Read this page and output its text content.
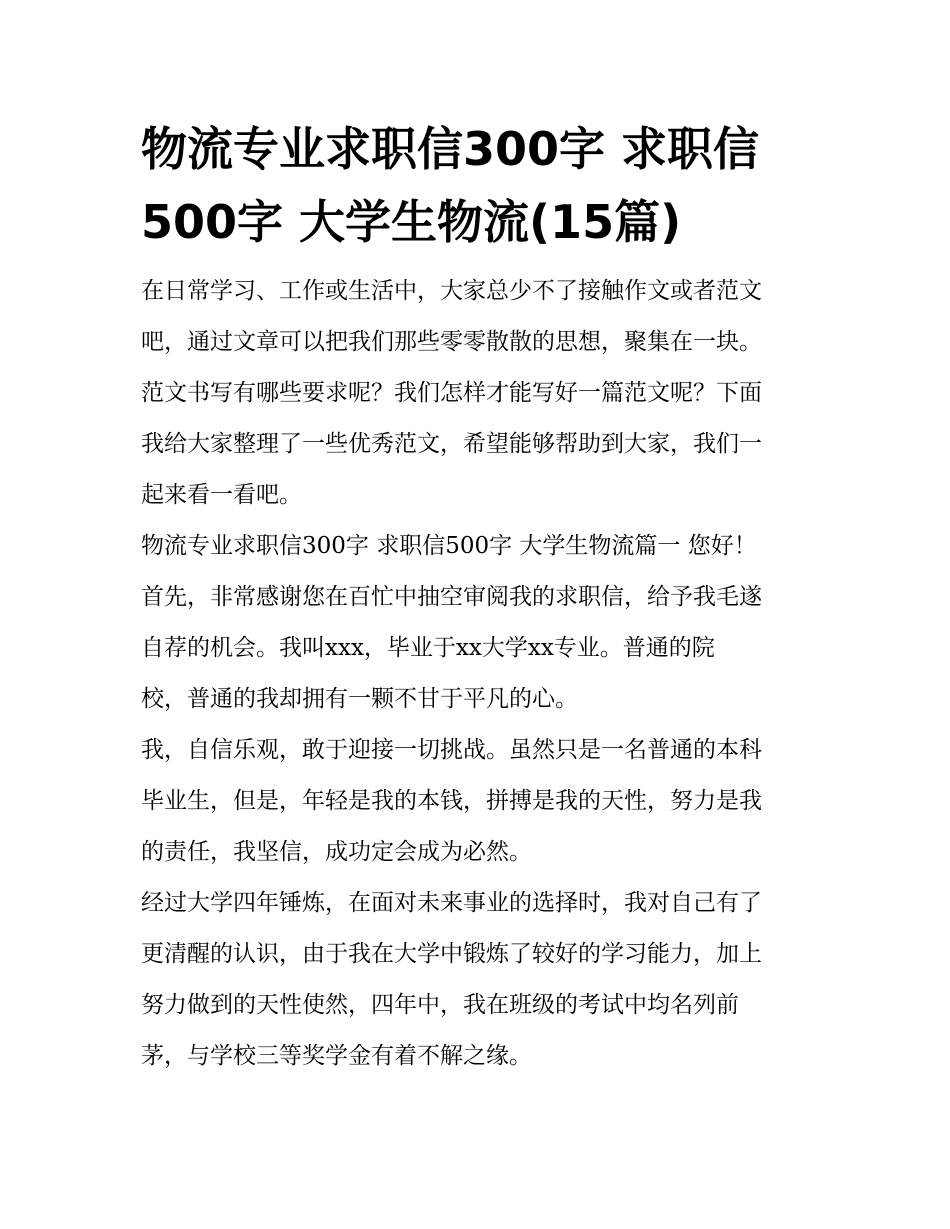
物流专业求职信300字 求职信
500字 大学生物流(15篇)

在日常学习、工作或生活中，大家总少不了接触作文或者范文
吧，通过文章可以把我们那些零零散散的思想，聚集在一块。
范文书写有哪些要求呢？我们怎样才能写好一篇范文呢？下面
我给大家整理了一些优秀范文，希望能够帮助到大家，我们一
起来看一看吧。

物流专业求职信300字 求职信500字 大学生物流篇一 您好！
首先，非常感谢您在百忙中抽空审阅我的求职信，给予我毛遂
自荐的机会。我叫xxx，毕业于xx大学xx专业。普通的院
校，普通的我却拥有一颗不甘于平凡的心。

我，自信乐观，敢于迎接一切挑战。虽然只是一名普通的本科
毕业生，但是，年轻是我的本钱，拼搏是我的天性，努力是我
的责任，我坚信，成功定会成为必然。

经过大学四年锤炼，在面对未来事业的选择时，我对自己有了
更清醒的认识，由于我在大学中锻炼了较好的学习能力，加上
努力做到的天性使然，四年中，我在班级的考试中均名列前
茅，与学校三等奖学金有着不解之缘。
